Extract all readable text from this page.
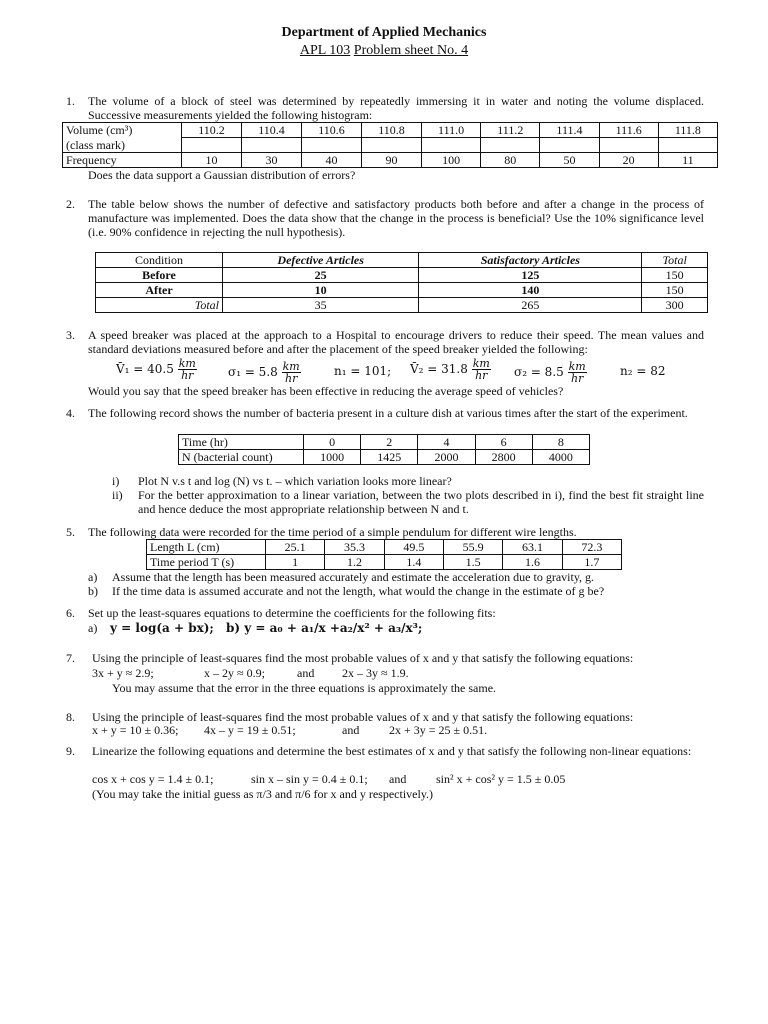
Department of Applied Mechanics
APL 103 Problem sheet No. 4
1. The volume of a block of steel was determined by repeatedly immersing it in water and noting the volume displaced. Successive measurements yielded the following histogram:
Volume (cm³)	110.2	110.4	110.6	110.8	111.0	111.2	111.4	111.6	111.8
(class mark)									
Frequency	10	30	40	90	100	80	50	20	11
Does the data support a Gaussian distribution of errors?
2. The table below shows the number of defective and satisfactory products both before and after a change in the process of manufacture was implemented. Does the data show that the change in the process is beneficial? Use the 10% significance level (i.e. 90% confidence in rejecting the null hypothesis).
Condition	Defective Articles	Satisfactory Articles	Total
Before	25	125	150
After	10	140	150
Total	35	265	300
3. A speed breaker was placed at the approach to a Hospital to encourage drivers to reduce their speed. The mean values and standard deviations measured before and after the placement of the speed breaker yielded the following:
V̄₁ = $40.5 \frac{km}{hr}$	$\sigma_1 = 5.8 \frac{km}{hr}$	n₁ = 101; V̄₂ = $31.8 \frac{km}{hr} \sigma_2 = 8.5 \frac{km}{hr}$	n₂ = 82
Would you say that the speed breaker has been effective in reducing the average speed of vehicles?
4. The following record shows the number of bacteria present in a culture dish at various times after the start of the experiment.
Time (hr)	0	2	4	6	8
N (bacterial count)	1000	1425	2000	2800	4000
i) Plot N v.s t and log (N) vs t. – which variation looks more linear?
ii) For the better approximation to a linear variation, between the two plots described in i), find the best fit straight line and hence deduce the most appropriate relationship between N and t.
5. The following data were recorded for the time period of a simple pendulum for different wire lengths.
Length L (cm)	25.1	35.3	49.5	55.9	63.1	72.3
Time period T (s)	1	1.2	1.4	1.5	1.6	1.7
a) Assume that the length has been measured accurately and estimate the acceleration due to gravity, g.
b) If the time data is assumed accurate and not the length, what would the change in the estimate of g be?
6. Set up the least-squares equations to determine the coefficients for the following fits:
a) y = log(a + bx); b) y = a₀ + a₁/x +a₂/x² + a₃/x³;
7. Using the principle of least-squares find the most probable values of x and y that satisfy the following equations:
3x + y ≈ 2.9;	x – 2y ≈ 0.9;	and 2x – 3y ≈ 1.9.
You may assume that the error in the three equations is approximately the same.
8. Using the principle of least-squares find the most probable values of x and y that satisfy the following equations:
x + y = 10 ± 0.36; 4x – y = 19 ± 0.51;	and 2x + 3y = 25 ± 0.51.
9. Linearize the following equations and determine the best estimates of x and y that satisfy the following non-linear equations:
cos x + cos y = 1.4 ± 0.1;	sin x – sin y = 0.4 ± 0.1; and sin² x + cos² y = 1.5 ± 0.05
(You may take the initial guess as π/3 and π/6 for x and y respectively.)
